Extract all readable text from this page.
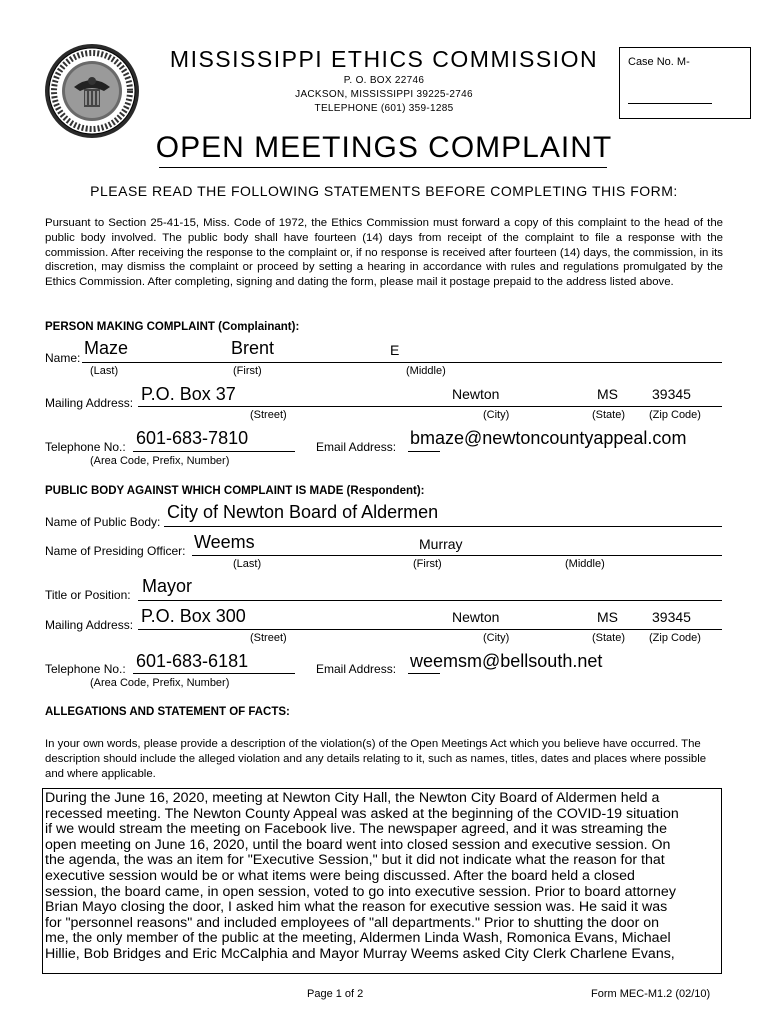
MISSISSIPPI ETHICS COMMISSION
P. O. BOX 22746
JACKSON, MISSISSIPPI 39225-2746
TELEPHONE (601) 359-1285
Case No. M-
OPEN MEETINGS COMPLAINT
PLEASE READ THE FOLLOWING STATEMENTS BEFORE COMPLETING THIS FORM:
Pursuant to Section 25-41-15, Miss. Code of 1972, the Ethics Commission must forward a copy of this complaint to the head of the public body involved. The public body shall have fourteen (14) days from receipt of the complaint to file a response with the commission. After receiving the response to the complaint or, if no response is received after fourteen (14) days, the commission, in its discretion, may dismiss the complaint or proceed by setting a hearing in accordance with rules and regulations promulgated by the Ethics Commission. After completing, signing and dating the form, please mail it postage prepaid to the address listed above.
PERSON MAKING COMPLAINT (Complainant):
Name: Maze	Brent	E
(Last)	(First)	(Middle)
Mailing Address: P.O. Box 37	Newton	MS 39345
(Street)	(City)	(State) (Zip Code)
Telephone No.: 601-683-7810
(Area Code, Prefix, Number)
Email Address: bmaze@newtoncountyappeal.com
PUBLIC BODY AGAINST WHICH COMPLAINT IS MADE (Respondent):
Name of Public Body: City of Newton Board of Aldermen
Name of Presiding Officer: Weems	Murray
(Last)	(First)	(Middle)
Title or Position: Mayor
Mailing Address: P.O. Box 300	Newton	MS 39345
(Street)	(City)	(State) (Zip Code)
Telephone No.: 601-683-6181
(Area Code, Prefix, Number)
Email Address: weemsm@bellsouth.net
ALLEGATIONS AND STATEMENT OF FACTS:
In your own words, please provide a description of the violation(s) of the Open Meetings Act which you believe have occurred. The description should include the alleged violation and any details relating to it, such as names, titles, dates and places where possible and where applicable.
During the June 16, 2020, meeting at Newton City Hall, the Newton City Board of Aldermen held a
recessed meeting. The Newton County Appeal was asked at the beginning of the COVID-19 situation
if we would stream the meeting on Facebook live. The newspaper agreed, and it was streaming the
open meeting on June 16, 2020, until the board went into closed session and executive session. On
the agenda, the was an item for "Executive Session," but it did not indicate what the reason for that
executive session would be or what items were being discussed. After the board held a closed
session, the board came, in open session, voted to go into executive session. Prior to board attorney
Brian Mayo closing the door, I asked him what the reason for executive session was. He said it was
for "personnel reasons" and included employees of "all departments." Prior to shutting the door on
me, the only member of the public at the meeting, Aldermen Linda Wash, Romonica Evans, Michael
Hillie, Bob Bridges and Eric McCalphia and Mayor Murray Weems asked City Clerk Charlene Evans,
Page 1 of 2	Form MEC-M1.2 (02/10)
